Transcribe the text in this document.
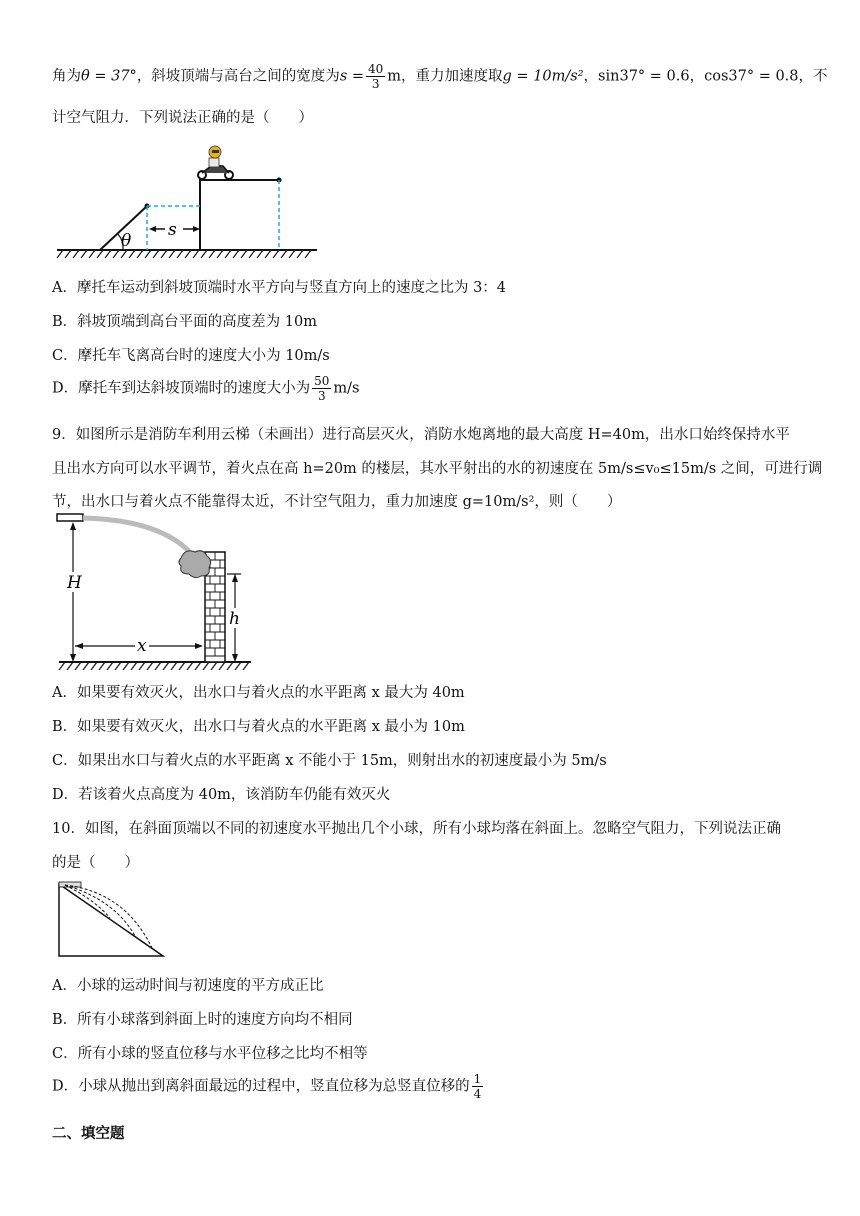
角为θ = 37°，斜坡顶端与高台之间的宽度为$s = \frac{40}{3}$ m，重力加速度取g = 10m/s²，sin37° = 0.6，cos37° = 0.8，不
计空气阻力．下列说法正确的是（　　）
θ
s
A．摩托车运动到斜坡顶端时水平方向与竖直方向上的速度之比为 3：4
B．斜坡顶端到高台平面的高度差为 10m
C．摩托车飞离高台时的速度大小为 10m/s
D．摩托车到达斜坡顶端时的速度大小为 $\frac{50}{3} m/s$
9．如图所示是消防车利用云梯（未画出）进行高层灭火，消防水炮离地的最大高度 H=40m，出水口始终保持水平
且出水方向可以水平调节，着火点在高 h=20m 的楼层，其水平射出的水的初速度在 5m/s≤v₀≤15m/s 之间，可进行调
节，出水口与着火点不能靠得太近，不计空气阻力，重力加速度 g=10m/s²，则（　　）
H
x
h
A．如果要有效灭火，出水口与着火点的水平距离 x 最大为 40m
B．如果要有效灭火，出水口与着火点的水平距离 x 最小为 10m
C．如果出水口与着火点的水平距离 x 不能小于 15m，则射出水的初速度最小为 5m/s
D．若该着火点高度为 40m，该消防车仍能有效灭火
10．如图，在斜面顶端以不同的初速度水平抛出几个小球，所有小球均落在斜面上。忽略空气阻力，下列说法正确
的是（　　）
A．小球的运动时间与初速度的平方成正比
B．所有小球落到斜面上时的速度方向均不相同
C．所有小球的竖直位移与水平位移之比均不相等
D．小球从抛出到离斜面最远的过程中，竖直位移为总竖直位移的 $\frac{1}{4}$
二、填空题
